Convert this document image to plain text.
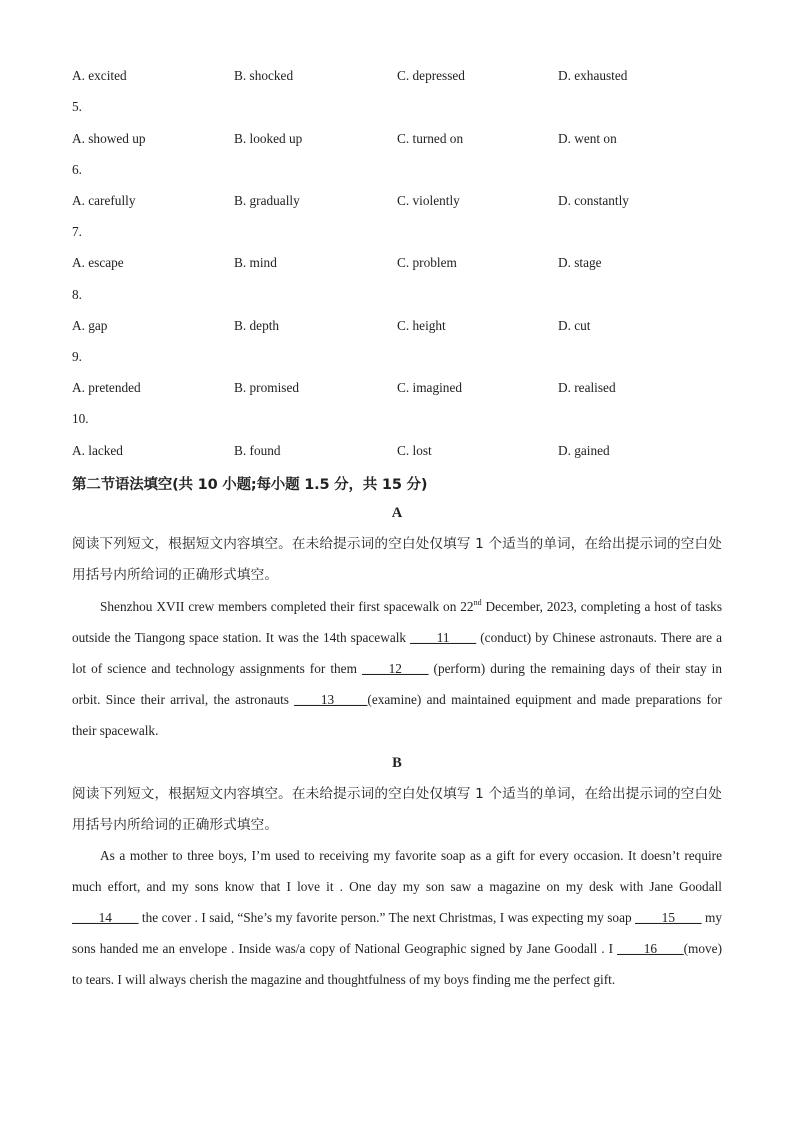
A. excited	B. shocked	C. depressed	D. exhausted
5.
A. showed up	B. looked up	C. turned on	D. went on
6.
A. carefully	B. gradually	C. violently	D. constantly
7.
A. escape	B. mind	C. problem	D. stage
8.
A. gap	B. depth	C. height	D. cut
9.
A. pretended	B. promised	C. imagined	D. realised
10.
A. lacked	B. found	C. lost	D. gained
第二节语法填空(共 10 小题;每小题 1.5 分，共 15 分)
A
阅读下列短文，根据短文内容填空。在未给提示词的空白处仅填写 1 个适当的单词，在给出提示词的空白处用括号内所给词的正确形式填空。
Shenzhou XVII crew members completed their first spacewalk on 22nd December, 2023, completing a host of tasks outside the Tiangong space station. It was the 14th spacewalk ____11____ (conduct) by Chinese astronauts. There are a lot of science and technology assignments for them ____12____ (perform) during the remaining days of their stay in orbit. Since their arrival, the astronauts ____13_____(examine) and maintained equipment and made preparations for their spacewalk.
B
阅读下列短文，根据短文内容填空。在未给提示词的空白处仅填写 1 个适当的单词，在给出提示词的空白处用括号内所给词的正确形式填空。
As a mother to three boys, I’m used to receiving my favorite soap as a gift for every occasion. It doesn’t require much effort, and my sons know that I love it . One day my son saw a magazine on my desk with Jane Goodall ____14____ the cover . I said, “She’s my favorite person.” The next Christmas, I was expecting my soap ____15____ my sons handed me an envelope . Inside was/a copy of National Geographic signed by Jane Goodall . I ____16____(move) to tears. I will always cherish the magazine and thoughtfulness of my boys finding me the perfect gift.
